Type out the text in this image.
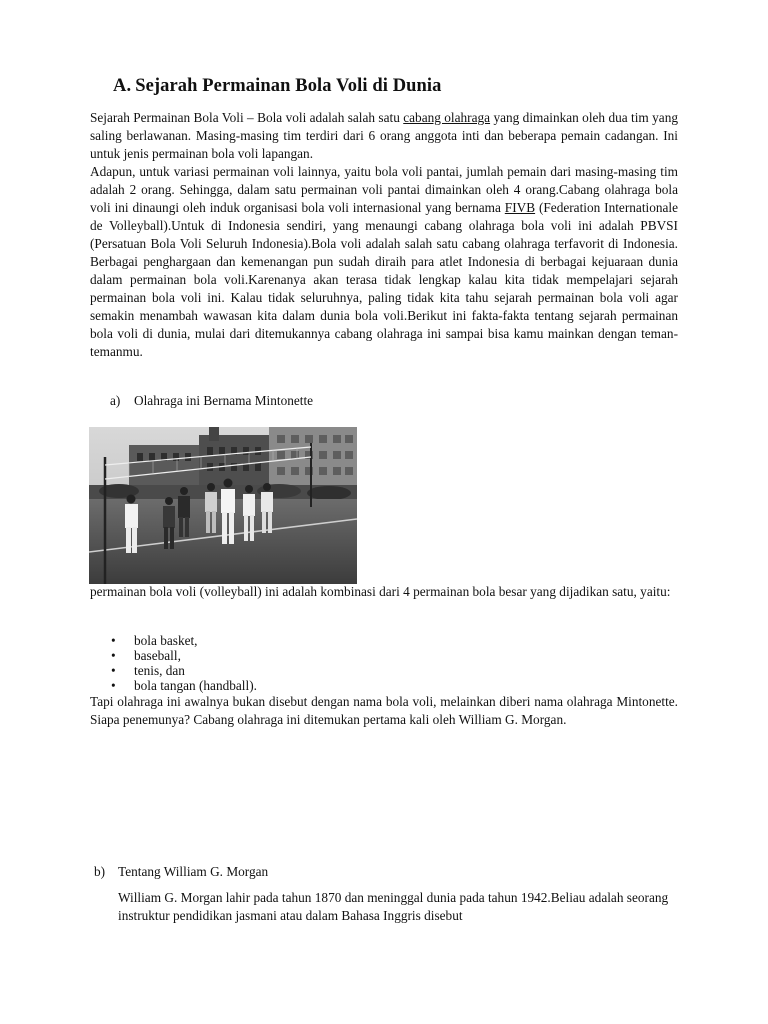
A. Sejarah Permainan Bola Voli di Dunia

Sejarah Permainan Bola Voli – Bola voli adalah salah satu cabang olahraga yang dimainkan oleh dua tim yang saling berlawanan. Masing-masing tim terdiri dari 6 orang anggota inti dan beberapa pemain cadangan. Ini untuk jenis permainan bola voli lapangan.

Adapun, untuk variasi permainan voli lainnya, yaitu bola voli pantai, jumlah pemain dari masing-masing tim adalah 2 orang. Sehingga, dalam satu permainan voli pantai dimainkan oleh 4 orang.Cabang olahraga bola voli ini dinaungi oleh induk organisasi bola voli internasional yang bernama FIVB (Federation Internationale de Volleyball).Untuk di Indonesia sendiri, yang menaungi cabang olahraga bola voli ini adalah PBVSI (Persatuan Bola Voli Seluruh Indonesia).Bola voli adalah salah satu cabang olahraga terfavorit di Indonesia. Berbagai penghargaan dan kemenangan pun sudah diraih para atlet Indonesia di berbagai kejuaraan dunia dalam permainan bola voli.Karenanya akan terasa tidak lengkap kalau kita tidak mempelajari sejarah permainan bola voli ini. Kalau tidak seluruhnya, paling tidak kita tahu sejarah permainan bola voli agar semakin menambah wawasan kita dalam dunia bola voli.Berikut ini fakta-fakta tentang sejarah permainan bola voli di dunia, mulai dari ditemukannya cabang olahraga ini sampai bisa kamu mainkan dengan teman-temanmu.

a) Olahraga ini Bernama Mintonette

permainan bola voli (volleyball) ini adalah kombinasi dari 4 permainan bola besar yang dijadikan satu, yaitu:

• bola basket,
• baseball,
• tenis, dan
• bola tangan (handball).

Tapi olahraga ini awalnya bukan disebut dengan nama bola voli, melainkan diberi nama olahraga Mintonette. Siapa penemunya? Cabang olahraga ini ditemukan pertama kali oleh William G. Morgan.

b) Tentang William G. Morgan

William G. Morgan lahir pada tahun 1870 dan meninggal dunia pada tahun 1942.Beliau adalah seorang instruktur pendidikan jasmani atau dalam Bahasa Inggris disebut
